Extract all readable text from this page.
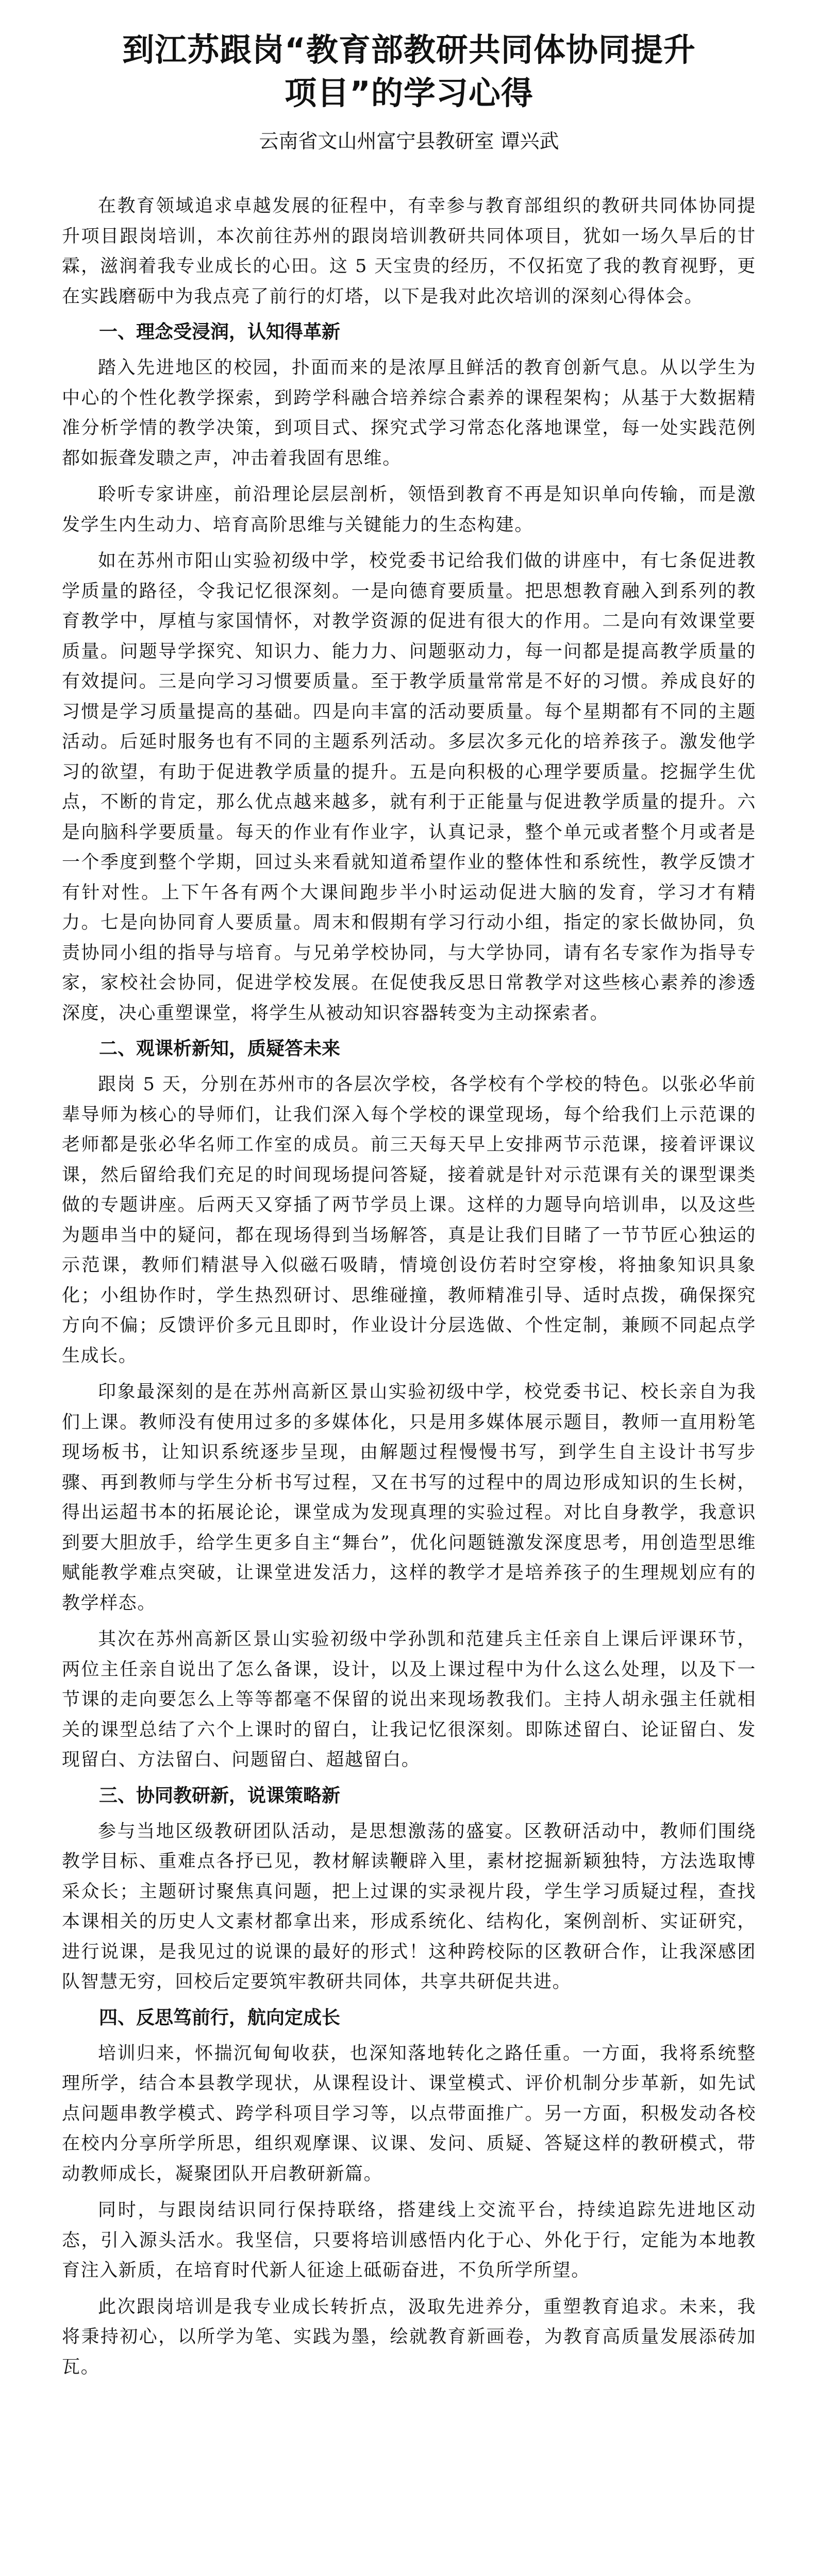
到江苏跟岗“教育部教研共同体协同提升
项目”的学习心得
云南省文山州富宁县教研室 谭兴武

在教育领域追求卓越发展的征程中，有幸参与教育部组织的教研共同体协同提升项目跟岗培训，本次前往苏州的跟岗培训教研共同体项目，犹如一场久旱后的甘霖，滋润着我专业成长的心田。这 5 天宝贵的经历，不仅拓宽了我的教育视野，更在实践磨砺中为我点亮了前行的灯塔，以下是我对此次培训的深刻心得体会。

一、理念受浸润，认知得革新

踏入先进地区的校园，扑面而来的是浓厚且鲜活的教育创新气息。从以学生为中心的个性化教学探索，到跨学科融合培养综合素养的课程架构；从基于大数据精准分析学情的教学决策，到项目式、探究式学习常态化落地课堂，每一处实践范例都如振聋发聩之声，冲击着我固有思维。

聆听专家讲座，前沿理论层层剖析，领悟到教育不再是知识单向传输，而是激发学生内生动力、培育高阶思维与关键能力的生态构建。

如在苏州市阳山实验初级中学，校党委书记给我们做的讲座中，有七条促进教学质量的路径，令我记忆很深刻。一是向德育要质量。把思想教育融入到系列的教育教学中，厚植与家国情怀，对教学资源的促进有很大的作用。二是向有效课堂要质量。问题导学探究、知识力、能力力、问题驱动力，每一问都是提高教学质量的有效提问。三是向学习习惯要质量。至于教学质量常常是不好的习惯。养成良好的习惯是学习质量提高的基础。四是向丰富的活动要质量。每个星期都有不同的主题活动。后延时服务也有不同的主题系列活动。多层次多元化的培养孩子。激发他学习的欲望，有助于促进教学质量的提升。五是向积极的心理学要质量。挖掘学生优点，不断的肯定，那么优点越来越多，就有利于正能量与促进教学质量的提升。六是向脑科学要质量。每天的作业有作业字，认真记录，整个单元或者整个月或者是一个季度到整个学期，回过头来看就知道希望作业的整体性和系统性，教学反馈才有针对性。上下午各有两个大课间跑步半小时运动促进大脑的发育，学习才有精力。七是向协同育人要质量。周末和假期有学习行动小组，指定的家长做协同，负责协同小组的指导与培育。与兄弟学校协同，与大学协同，请有名专家作为指导专家，家校社会协同，促进学校发展。在促使我反思日常教学对这些核心素养的渗透深度，决心重塑课堂，将学生从被动知识容器转变为主动探索者。

二、观课析新知，质疑答未来

跟岗 5 天，分别在苏州市的各层次学校，各学校有个学校的特色。以张必华前辈导师为核心的导师们，让我们深入每个学校的课堂现场，每个给我们上示范课的老师都是张必华名师工作室的成员。前三天每天早上安排两节示范课，接着评课议课，然后留给我们充足的时间现场提问答疑，接着就是针对示范课有关的课型课类做的专题讲座。后两天又穿插了两节学员上课。这样的力题导向培训串，以及这些为题串当中的疑问，都在现场得到当场解答，真是让我们目睹了一节节匠心独运的示范课，教师们精湛导入似磁石吸睛，情境创设仿若时空穿梭，将抽象知识具象化；小组协作时，学生热烈研讨、思维碰撞，教师精准引导、适时点拨，确保探究方向不偏；反馈评价多元且即时，作业设计分层选做、个性定制，兼顾不同起点学生成长。

印象最深刻的是在苏州高新区景山实验初级中学，校党委书记、校长亲自为我们上课。教师没有使用过多的多媒体化，只是用多媒体展示题目，教师一直用粉笔现场板书，让知识系统逐步呈现，由解题过程慢慢书写，到学生自主设计书写步骤、再到教师与学生分析书写过程，又在书写的过程中的周边形成知识的生长树，得出运超书本的拓展论论，课堂成为发现真理的实验过程。对比自身教学，我意识到要大胆放手，给学生更多自主“舞台”，优化问题链激发深度思考，用创造型思维赋能教学难点突破，让课堂进发活力，这样的教学才是培养孩子的生理规划应有的教学样态。

其次在苏州高新区景山实验初级中学孙凯和范建兵主任亲自上课后评课环节，两位主任亲自说出了怎么备课，设计，以及上课过程中为什么这么处理，以及下一节课的走向要怎么上等等都毫不保留的说出来现场教我们。主持人胡永强主任就相关的课型总结了六个上课时的留白，让我记忆很深刻。即陈述留白、论证留白、发现留白、方法留白、问题留白、超越留白。

三、协同教研新，说课策略新

参与当地区级教研团队活动，是思想激荡的盛宴。区教研活动中，教师们围绕教学目标、重难点各抒已见，教材解读鞭辟入里，素材挖掘新颖独特，方法选取博采众长；主题研讨聚焦真问题，把上过课的实录视片段，学生学习质疑过程，查找本课相关的历史人文素材都拿出来，形成系统化、结构化，案例剖析、实证研究，进行说课，是我见过的说课的最好的形式！这种跨校际的区教研合作，让我深感团队智慧无穷，回校后定要筑牢教研共同体，共享共研促共进。

四、反思笃前行，航向定成长

培训归来，怀揣沉甸甸收获，也深知落地转化之路任重。一方面，我将系统整理所学，结合本县教学现状，从课程设计、课堂模式、评价机制分步革新，如先试点问题串教学模式、跨学科项目学习等，以点带面推广。另一方面，积极发动各校在校内分享所学所思，组织观摩课、议课、发问、质疑、答疑这样的教研模式，带动教师成长，凝聚团队开启教研新篇。

同时，与跟岗结识同行保持联络，搭建线上交流平台，持续追踪先进地区动态，引入源头活水。我坚信，只要将培训感悟内化于心、外化于行，定能为本地教育注入新质，在培育时代新人征途上砥砺奋进，不负所学所望。

此次跟岗培训是我专业成长转折点，汲取先进养分，重塑教育追求。未来，我将秉持初心，以所学为笔、实践为墨，绘就教育新画卷，为教育高质量发展添砖加瓦。
